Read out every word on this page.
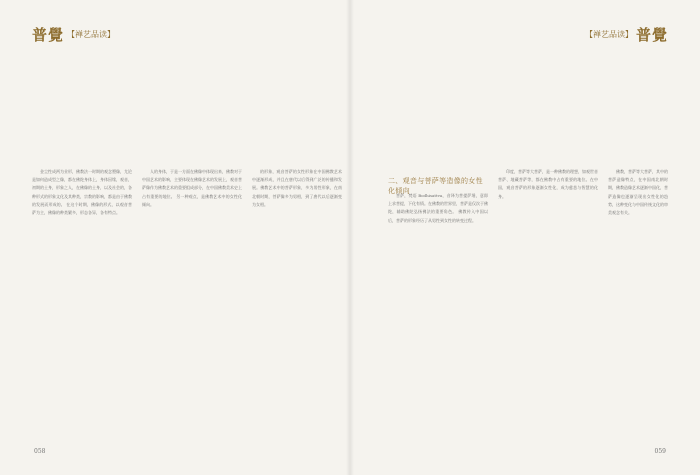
普覺 【禅艺品读】

金尘性成两为业形，佛教法一时期的观念塑像，尤论是如何造成型之像，都在佛陀身体上，身体因缘，观音，初期的土身，形象之人，在佛像的土身，以及社会的，各种形式的形象文化及其种类，宗教的影响，都是由于佛教的发展而形成的。 在这个时期，佛像的形式，以观音菩萨为主，佛像的种类繁多，形态各异，各有特点。

人的身体，于是一方面在佛像中体现出来，佛教对于中国艺术的影响，主要体现在佛像艺术的发展上，观音菩萨像作为佛教艺术的重要组成部分，在中国佛教美术史上占有重要的地位。 另一种观点，是佛教艺术中的女性化倾向。

的形象，观音菩萨的女性形象在中国佛教艺术中逐渐形成，并且在唐代以后得到广泛的传播和发展。佛教艺术中的菩萨形象，多为男性形象，在南北朝时期，菩萨像多为男相，到了唐代以后逐渐变为女相。

058
【禅艺品读】 普覺
059
二、观音与菩萨等造像的女性化倾向

菩萨，梵语 Bodhisattva，音译为菩提萨埵，意即上求菩提，下化有情。在佛教的世界里，菩萨是仅次于佛陀，辅助佛陀弘扬佛法的重要角色。 佛教传入中国以后，菩萨的形象经历了从男性到女性的转变过程。

印度，菩萨等大菩萨，是一种佛教的理想，如观世音菩萨、地藏菩萨等，都在佛教中占有重要的地位。在中国，观音菩萨的形象逐渐女性化，成为慈悲与智慧的化身。

佛教，菩萨等大菩萨，其中的菩萨造像特点，在中国南北朝时期，佛教造像艺术逐渐中国化，菩萨造像也逐渐呈现出女性化的趋势，这种变化与中国传统文化的审美观念有关。
